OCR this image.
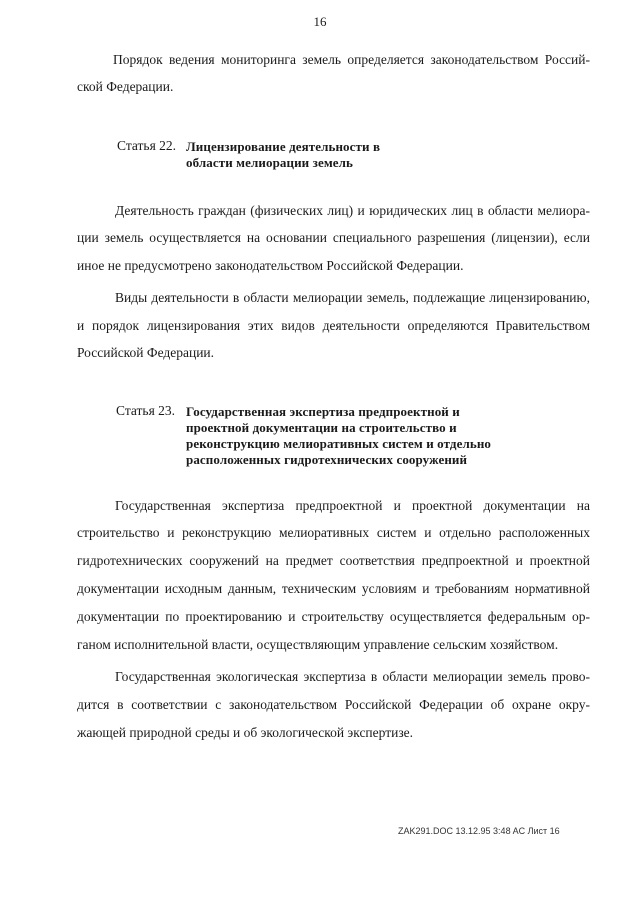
16
Порядок ведения мониторинга земель определяется законодательством Россий-
ской Федерации.
Статья 22. Лицензирование деятельности в
области мелиорации земель
Деятельность граждан (физических лиц) и юридических лиц в области мелиора-
ции земель осуществляется на основании специального разрешения (лицензии), если
иное не предусмотрено законодательством Российской Федерации.
Виды деятельности в области мелиорации земель, подлежащие лицензированию,
и порядок лицензирования этих видов деятельности определяются Правительством
Российской Федерации.
Статья 23. Государственная экспертиза предпроектной и
проектной документации на строительство и
реконструкцию мелиоративных систем и отдельно
расположенных гидротехнических сооружений
Государственная экспертиза предпроектной и проектной документации на
строительство и реконструкцию мелиоративных систем и отдельно расположенных
гидротехнических сооружений на предмет соответствия предпроектной и проектной
документации исходным данным, техническим условиям и требованиям нормативной
документации по проектированию и строительству осуществляется федеральным ор-
ганом исполнительной власти, осуществляющим управление сельским хозяйством.
Государственная экологическая экспертиза в области мелиорации земель прово-
дится в соответствии с законодательством Российской Федерации об охране окру-
жающей природной среды и об экологической экспертизе.
ZAK291.DOC 13.12.95 3:48 AC Лист 16
